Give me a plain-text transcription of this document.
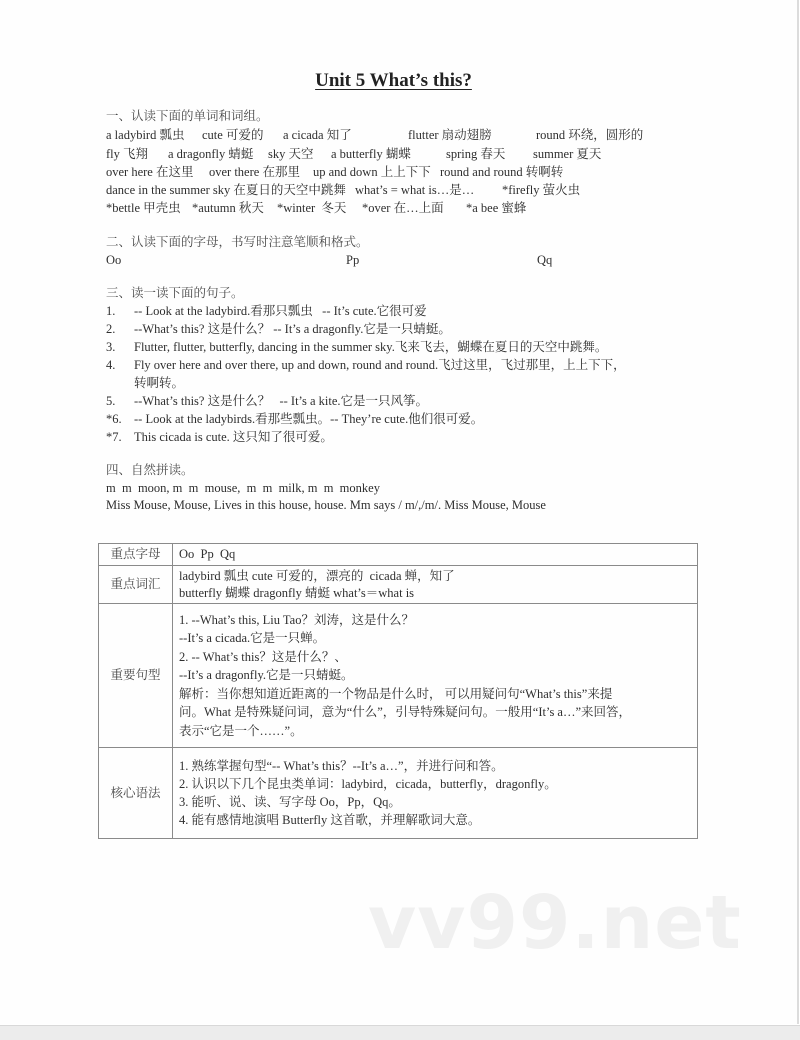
Unit 5 What’s this?
一、认读下面的单词和词组。
a ladybird 瓢虫 cute 可爱的 a cicada 知了	flutter 扇动翅膀	round 环绕，圆形的
fly 飞翔 a dragonfly 蜻蜓 sky 天空 a butterfly 蝴蝶	spring 春天 summer 夏天
over here 在这里 over there 在那里 up and down 上上下下 round and round 转啊转
dance in the summer sky 在夏日的天空中跳舞 what’s = what is…是… *firefly 萤火虫
*bettle 甲壳虫 *autumn 秋天 *winter  冬天 *over 在…上面 *a bee 蜜蜂
二、认读下面的字母，书写时注意笔顺和格式。
Oo	Pp	Qq
三、读一读下面的句子。
1. -- Look at the ladybird.看那只瓢虫   -- It’s cute.它很可爱
2. --What’s this? 这是什么？ -- It’s a dragonfly.它是一只蜻蜓。
3. Flutter, flutter, butterfly, dancing in the summer sky.飞来飞去，蝴蝶在夏日的天空中跳舞。
4. Fly over here and over there, up and down, round and round.飞过这里，飞过那里，上上下下，
转啊转。
5. --What’s this? 这是什么？   -- It’s a kite.它是一只风筝。
*6. -- Look at the ladybirds.看那些瓢虫。-- They’re cute.他们很可爱。
*7. This cicada is cute. 这只知了很可爱。
四、自然拼读。
m  m  moon, m  m  mouse,  m  m  milk, m  m  monkey
Miss Mouse, Mouse, Lives in this house, house. Mm says / m/,/m/. Miss Mouse, Mouse
重点字母	Oo  Pp  Qq

重点词汇	ladybird 瓢虫 cute 可爱的，漂亮的  cicada 蝉，知了
butterfly 蝴蝶 dragonfly 蜻蜓 what’s＝what is

重要句型	
1. --What’s this, Liu Tao？刘涛，这是什么？
--It’s a cicada.它是一只蝉。
2. -- What’s this？这是什么？、
--It’s a dragonfly.它是一只蜻蜓。
解析：当你想知道近距离的一个物品是什么时， 可以用疑问句“What’s this”来提
问。What 是特殊疑问词，意为“什么”，引导特殊疑问句。一般用“It’s a…”来回答，
表示“它是一个……”。

核心语法	1. 熟练掌握句型“-- What’s this？--It’s a…”，并进行问和答。
2. 认识以下几个昆虫类单词：ladybird，cicada，butterfly，dragonfly。
3. 能听、说、读、写字母 Oo，Pp，Qq。
4. 能有感情地演唱 Butterfly 这首歌，并理解歌词大意。
vv99.net
